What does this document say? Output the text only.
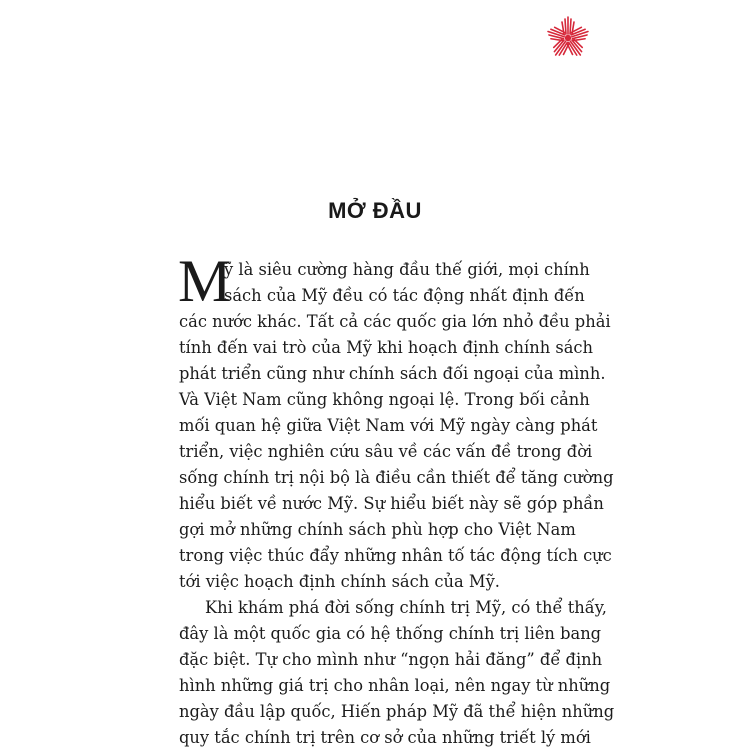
MỞ ĐẦU
M
ỹ là siêu cường hàng đầu thế giới, mọi chính
sách của Mỹ đều có tác động nhất định đến
các nước khác. Tất cả các quốc gia lớn nhỏ đều phải
tính đến vai trò của Mỹ khi hoạch định chính sách
phát triển cũng như chính sách đối ngoại của mình.
Và Việt Nam cũng không ngoại lệ. Trong bối cảnh
mối quan hệ giữa Việt Nam với Mỹ ngày càng phát
triển, việc nghiên cứu sâu về các vấn đề trong đời
sống chính trị nội bộ là điều cần thiết để tăng cường
hiểu biết về nước Mỹ. Sự hiểu biết này sẽ góp phần
gợi mở những chính sách phù hợp cho Việt Nam
trong việc thúc đẩy những nhân tố tác động tích cực
tới việc hoạch định chính sách của Mỹ.
Khi khám phá đời sống chính trị Mỹ, có thể thấy,
đây là một quốc gia có hệ thống chính trị liên bang
đặc biệt. Tự cho mình như “ngọn hải đăng” để định
hình những giá trị cho nhân loại, nên ngay từ những
ngày đầu lập quốc, Hiến pháp Mỹ đã thể hiện những
quy tắc chính trị trên cơ sở của những triết lý mới
